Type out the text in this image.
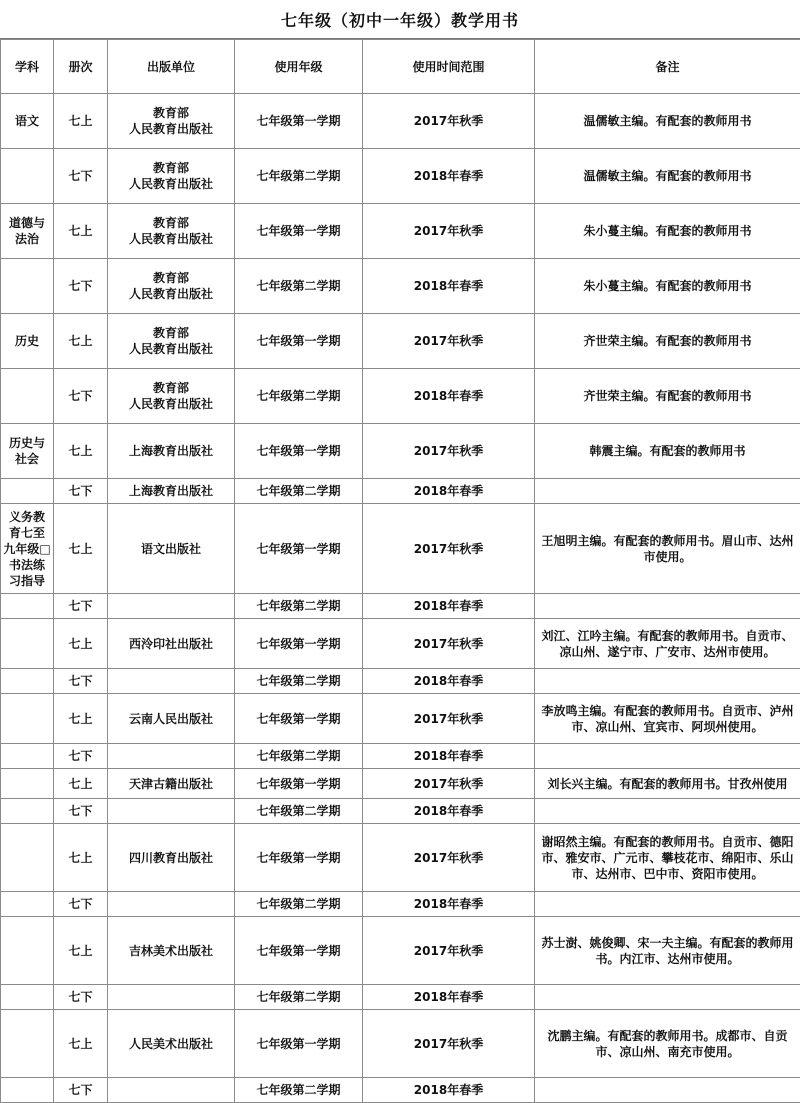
七年级（初中一年级）教学用书
学科	册次	出版单位	使用年级	使用时间范围	备注
语文	七上	教育部
人民教育出版社	七年级第一学期	2017年秋季	温儒敏主编。有配套的教师用书
	七下	教育部
人民教育出版社	七年级第二学期	2018年春季	温儒敏主编。有配套的教师用书
道德与
法治	七上	教育部
人民教育出版社	七年级第一学期	2017年秋季	朱小蔓主编。有配套的教师用书
	七下	教育部
人民教育出版社	七年级第二学期	2018年春季	朱小蔓主编。有配套的教师用书
历史	七上	教育部
人民教育出版社	七年级第一学期	2017年秋季	齐世荣主编。有配套的教师用书
	七下	教育部
人民教育出版社	七年级第二学期	2018年春季	齐世荣主编。有配套的教师用书
历史与
社会	七上	上海教育出版社	七年级第一学期	2017年秋季	韩震主编。有配套的教师用书
	七下	上海教育出版社	七年级第二学期	2018年春季	
义务教
育七至
九年级□
书法练
习指导	七上	语文出版社	七年级第一学期	2017年秋季	王旭明主编。有配套的教师用书。眉山市、达州市使用。
	七下		七年级第二学期	2018年春季	
	七上	西泠印社出版社	七年级第一学期	2017年秋季	刘江、江吟主编。有配套的教师用书。自贡市、凉山州、遂宁市、广安市、达州市使用。
	七下		七年级第二学期	2018年春季	
	七上	云南人民出版社	七年级第一学期	2017年秋季	李放鸣主编。有配套的教师用书。自贡市、泸州市、凉山州、宜宾市、阿坝州使用。
	七下		七年级第二学期	2018年春季	
	七上	天津古籍出版社	七年级第一学期	2017年秋季	刘长兴主编。有配套的教师用书。甘孜州使用
	七下		七年级第二学期	2018年春季	
	七上	四川教育出版社	七年级第一学期	2017年秋季	谢昭然主编。有配套的教师用书。自贡市、德阳市、雅安市、广元市、攀枝花市、绵阳市、乐山市、达州市、巴中市、资阳市使用。
	七下		七年级第二学期	2018年春季	
	七上	吉林美术出版社	七年级第一学期	2017年秋季	苏士澍、姚俊卿、宋一夫主编。有配套的教师用书。内江市、达州市使用。
	七下		七年级第二学期	2018年春季	
	七上	人民美术出版社	七年级第一学期	2017年秋季	沈鹏主编。有配套的教师用书。成都市、自贡市、凉山州、南充市使用。
	七下		七年级第二学期	2018年春季	
